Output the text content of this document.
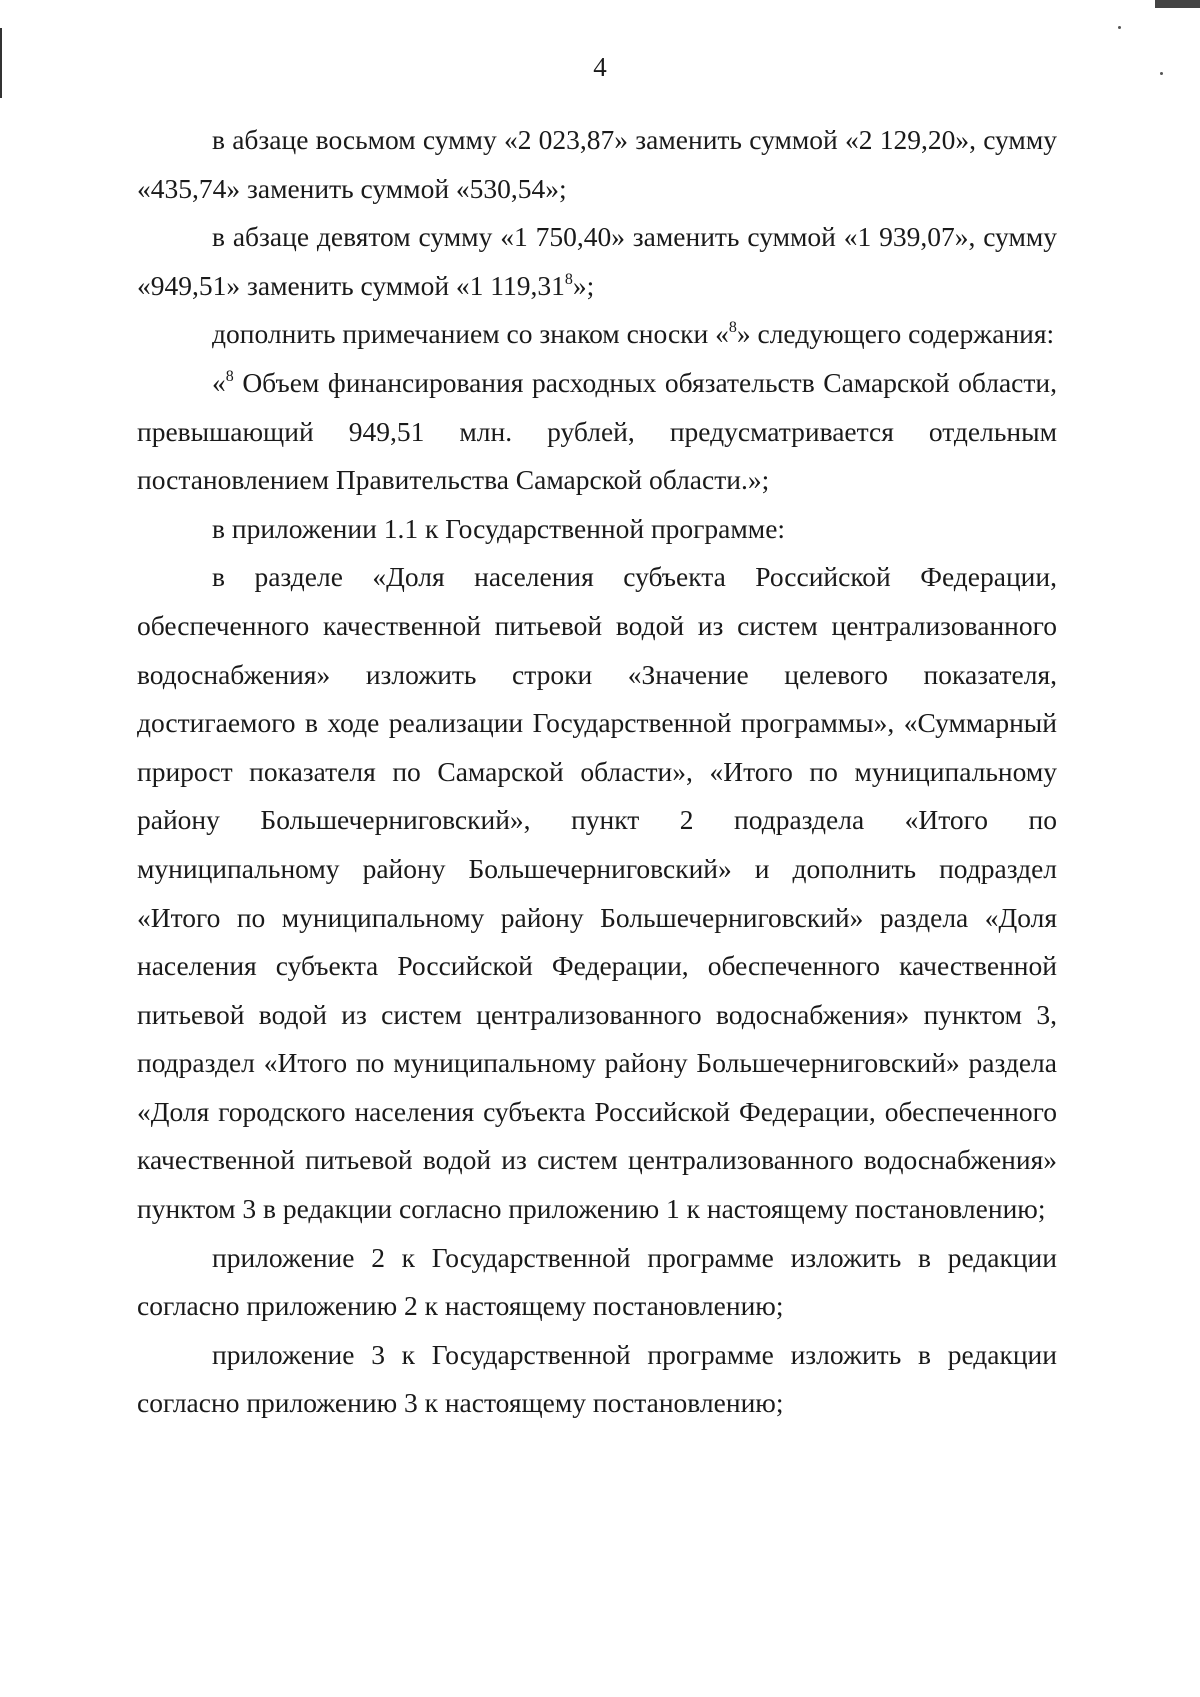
4

в абзаце восьмом сумму «2 023,87» заменить суммой «2 129,20», сумму «435,74» заменить суммой «530,54»;

в абзаце девятом сумму «1 750,40» заменить суммой «1 939,07», сумму «949,51» заменить суммой «1 119,31$^8$»;

дополнить примечанием со знаком сноски «$^8$» следующего содержания:

«$^8$ Объем финансирования расходных обязательств Самарской области, превышающий 949,51 млн. рублей, предусматривается отдельным постановлением Правительства Самарской области.»;

в приложении 1.1 к Государственной программе:

в разделе «Доля населения субъекта Российской Федерации, обеспеченного качественной питьевой водой из систем централизованного водоснабжения» изложить строки «Значение целевого показателя, достигаемого в ходе реализации Государственной программы», «Суммарный прирост показателя по Самарской области», «Итого по муниципальному району Большечерниговский», пункт 2 подраздела «Итого по муниципальному району Большечерниговский» и дополнить подраздел «Итого по муниципальному району Большечерниговский» раздела «Доля населения субъекта Российской Федерации, обеспеченного качественной питьевой водой из систем централизованного водоснабжения» пунктом 3, подраздел «Итого по муниципальному району Большечерниговский» раздела «Доля городского населения субъекта Российской Федерации, обеспеченного качественной питьевой водой из систем централизованного водоснабжения» пунктом 3 в редакции согласно приложению 1 к настоящему постановлению;

приложение 2 к Государственной программе изложить в редакции согласно приложению 2 к настоящему постановлению;

приложение 3 к Государственной программе изложить в редакции согласно приложению 3 к настоящему постановлению;
